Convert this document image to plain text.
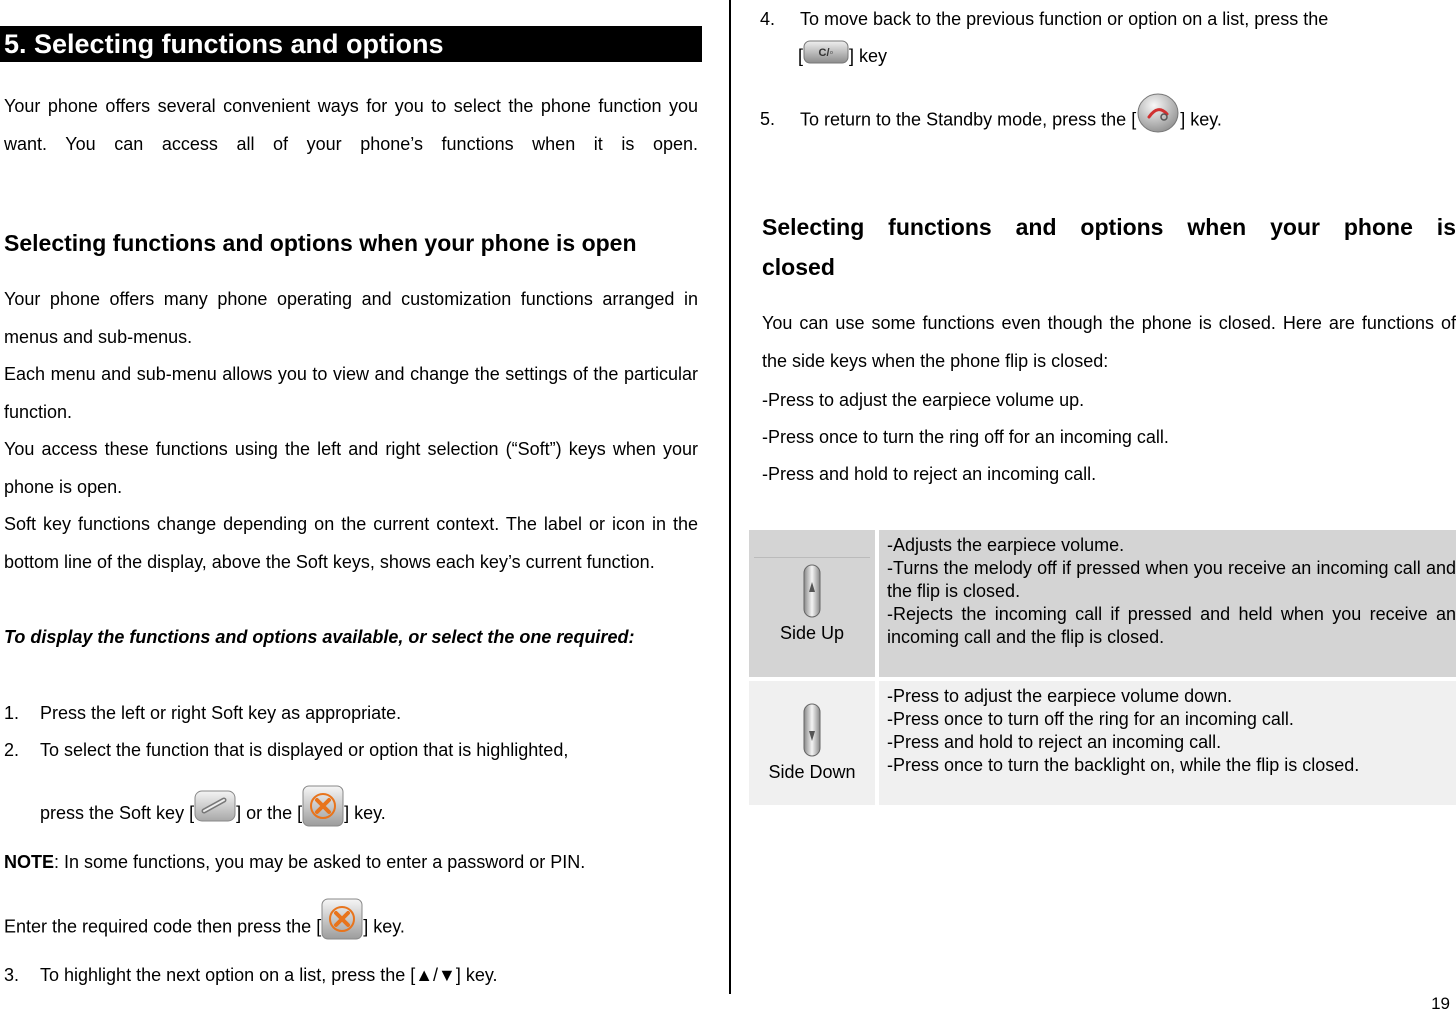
5. Selecting functions and options
Your phone offers several convenient ways for you to select the phone function you want. You can access all of your phone’s functions when it is open.
Selecting functions and options when your phone is open
Your phone offers many phone operating and customization functions arranged in menus and sub-menus.
Each menu and sub-menu allows you to view and change the settings of the particular function.
You access these functions using the left and right selection (“Soft”) keys when your phone is open.
Soft key functions change depending on the current context. The label or icon in the bottom line of the display, above the Soft keys, shows each key’s current function.
To display the functions and options available, or select the one required:
1. Press the left or right Soft key as appropriate.
2. To select the function that is displayed or option that is highlighted,
press the Soft key [ ] or the [ ] key.
NOTE: In some functions, you may be asked to enter a password or PIN.
Enter the required code then press the [ ] key.
3. To highlight the next option on a list, press the [▲/▼] key.
4. To move back to the previous function or option on a list, press the
[ C/◦ ] key
5. To return to the Standby mode, press the [ ] key.
Selecting functions and options when your phone is
closed
You can use some functions even though the phone is closed. Here are functions of the side keys when the phone flip is closed:
-Press to adjust the earpiece volume up.
-Press once to turn the ring off for an incoming call.
-Press and hold to reject an incoming call.
Side Up		-Adjusts the earpiece volume.
-Turns the melody off if pressed when you receive an incoming call and the flip is closed.
-Rejects the incoming call if pressed and held when you receive an incoming call and the flip is closed.

Side Down		-Press to adjust the earpiece volume down.
-Press once to turn off the ring for an incoming call.
-Press and hold to reject an incoming call.
-Press once to turn the backlight on, while the flip is closed.
19
